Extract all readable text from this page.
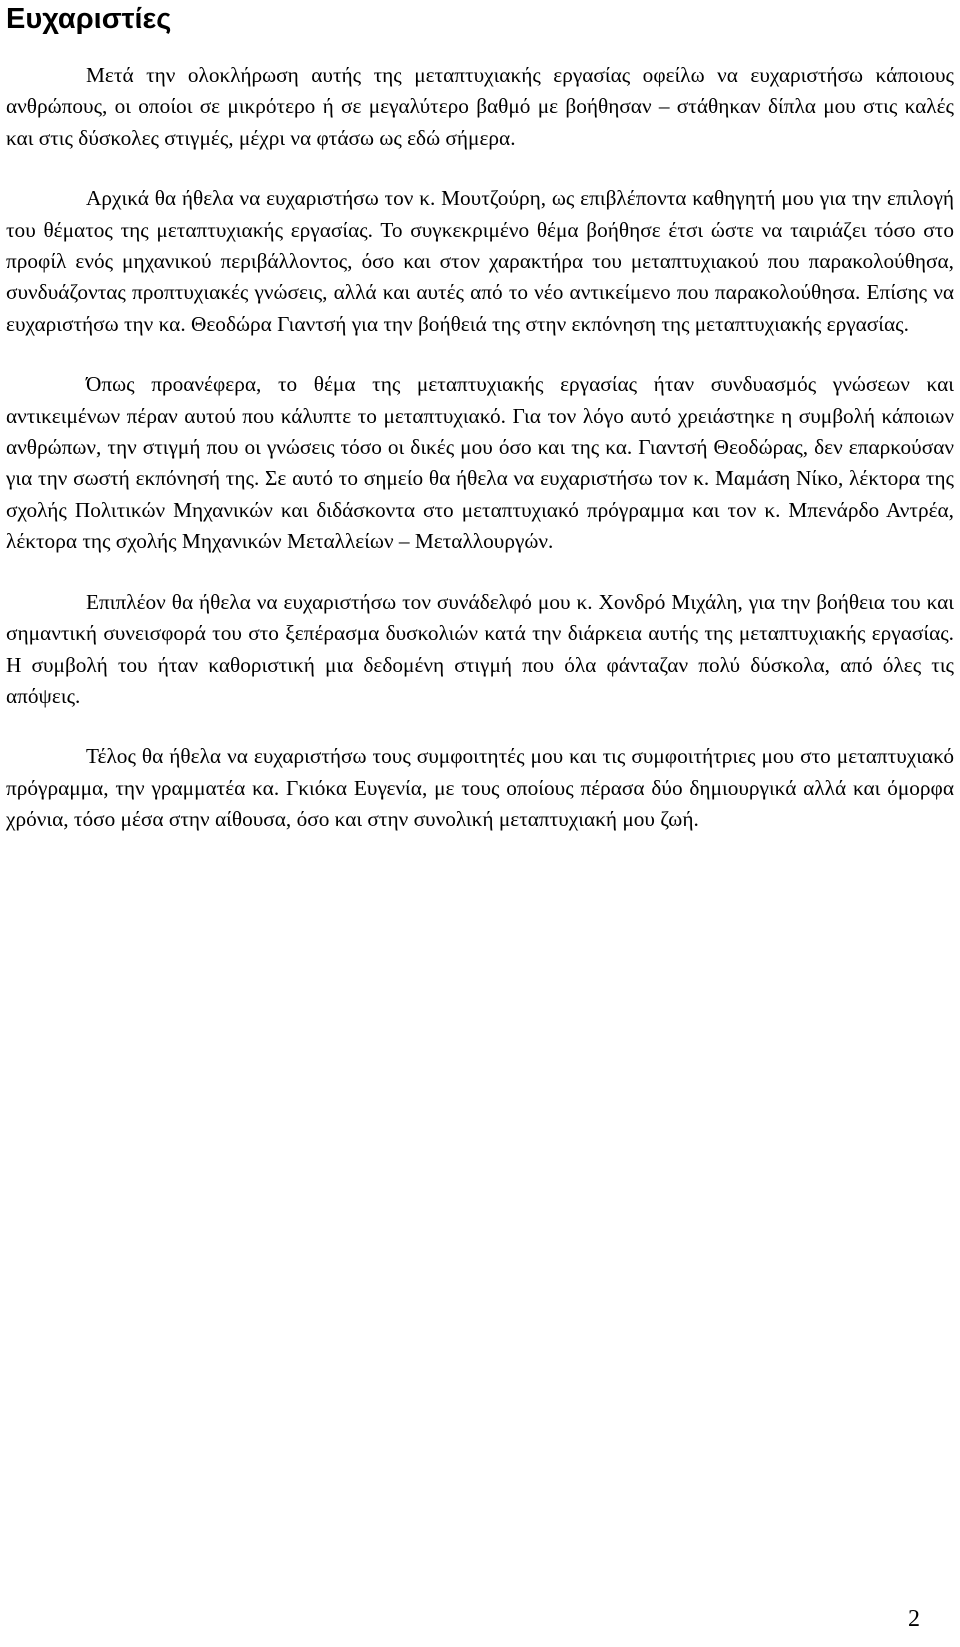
Ευχαριστίες

Μετά την ολοκλήρωση αυτής της μεταπτυχιακής εργασίας οφείλω να ευχαριστήσω κάποιους ανθρώπους, οι οποίοι σε μικρότερο ή σε μεγαλύτερο βαθμό με βοήθησαν – στάθηκαν δίπλα μου στις καλές και στις δύσκολες στιγμές, μέχρι να φτάσω ως εδώ σήμερα.

Αρχικά θα ήθελα να ευχαριστήσω τον κ. Μουτζούρη, ως επιβλέποντα καθηγητή μου για την επιλογή του θέματος της μεταπτυχιακής εργασίας. Το συγκεκριμένο θέμα βοήθησε έτσι ώστε να ταιριάζει τόσο στο προφίλ ενός μηχανικού περιβάλλοντος, όσο και στον χαρακτήρα του μεταπτυχιακού που παρακολούθησα, συνδυάζοντας προπτυχιακές γνώσεις, αλλά και αυτές από το νέο αντικείμενο που παρακολούθησα. Επίσης να ευχαριστήσω την κα. Θεοδώρα Γιαντσή για την βοήθειά της στην εκπόνηση της μεταπτυχιακής εργασίας.

Όπως προανέφερα, το θέμα της μεταπτυχιακής εργασίας ήταν συνδυασμός γνώσεων και αντικειμένων πέραν αυτού που κάλυπτε το μεταπτυχιακό. Για τον λόγο αυτό χρειάστηκε η συμβολή κάποιων ανθρώπων, την στιγμή που οι γνώσεις τόσο οι δικές μου όσο και της κα. Γιαντσή Θεοδώρας, δεν επαρκούσαν για την σωστή εκπόνησή της. Σε αυτό το σημείο θα ήθελα να ευχαριστήσω τον κ. Μαμάση Νίκο, λέκτορα της σχολής Πολιτικών Μηχανικών και διδάσκοντα στο μεταπτυχιακό πρόγραμμα και τον κ. Μπενάρδο Αντρέα, λέκτορα της σχολής Μηχανικών Μεταλλείων – Μεταλλουργών.

Επιπλέον θα ήθελα να ευχαριστήσω τον συνάδελφό μου κ. Χονδρό Μιχάλη, για την βοήθεια του και σημαντική συνεισφορά του στο ξεπέρασμα δυσκολιών κατά την διάρκεια αυτής της μεταπτυχιακής εργασίας. Η συμβολή του ήταν καθοριστική μια δεδομένη στιγμή που όλα φάνταζαν πολύ δύσκολα, από όλες τις απόψεις.

Τέλος θα ήθελα να ευχαριστήσω τους συμφοιτητές μου και τις συμφοιτήτριες μου στο μεταπτυχιακό πρόγραμμα, την γραμματέα κα. Γκιόκα Ευγενία, με τους οποίους πέρασα δύο δημιουργικά αλλά και όμορφα χρόνια, τόσο μέσα στην αίθουσα, όσο και στην συνολική μεταπτυχιακή μου ζωή.

2
